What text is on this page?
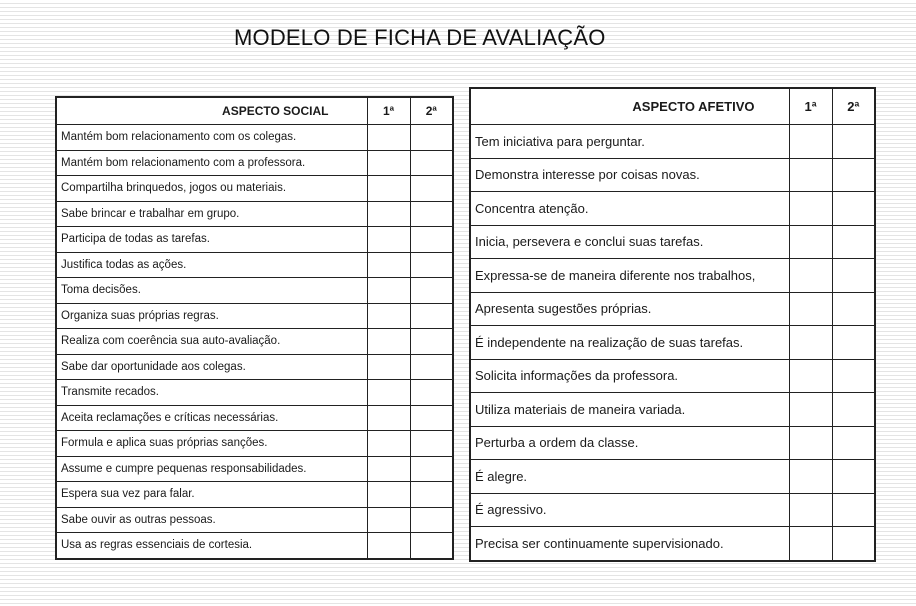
MODELO DE FICHA DE AVALIAÇÃO
ASPECTO SOCIAL	1ª	2ª
Mantém bom relacionamento com os colegas.		
Mantém bom relacionamento com a professora.		
Compartilha brinquedos, jogos ou materiais.		
Sabe brincar e trabalhar em grupo.		
Participa de todas as tarefas.		
Justifica todas as ações.		
Toma decisões.		
Organiza suas próprias regras.		
Realiza com coerência sua auto-avaliação.		
Sabe dar oportunidade aos colegas.		
Transmite recados.		
Aceita reclamações e críticas necessárias.		
Formula e aplica suas próprias sanções.		
Assume e cumpre pequenas responsabilidades.		
Espera sua vez para falar.		
Sabe ouvir as outras pessoas.		
Usa as regras essenciais de cortesia.		
ASPECTO AFETIVO	1ª	2ª
Tem iniciativa para perguntar.		
Demonstra interesse por coisas novas.		
Concentra atenção.		
Inicia, persevera e conclui suas tarefas.		
Expressa-se de maneira diferente nos trabalhos,		
Apresenta sugestões próprias.		
É independente na realização de suas tarefas.		
Solicita informações da professora.		
Utiliza materiais de maneira variada.		
Perturba a ordem da classe.		
É alegre.		
É agressivo.		
Precisa ser continuamente supervisionado.		
